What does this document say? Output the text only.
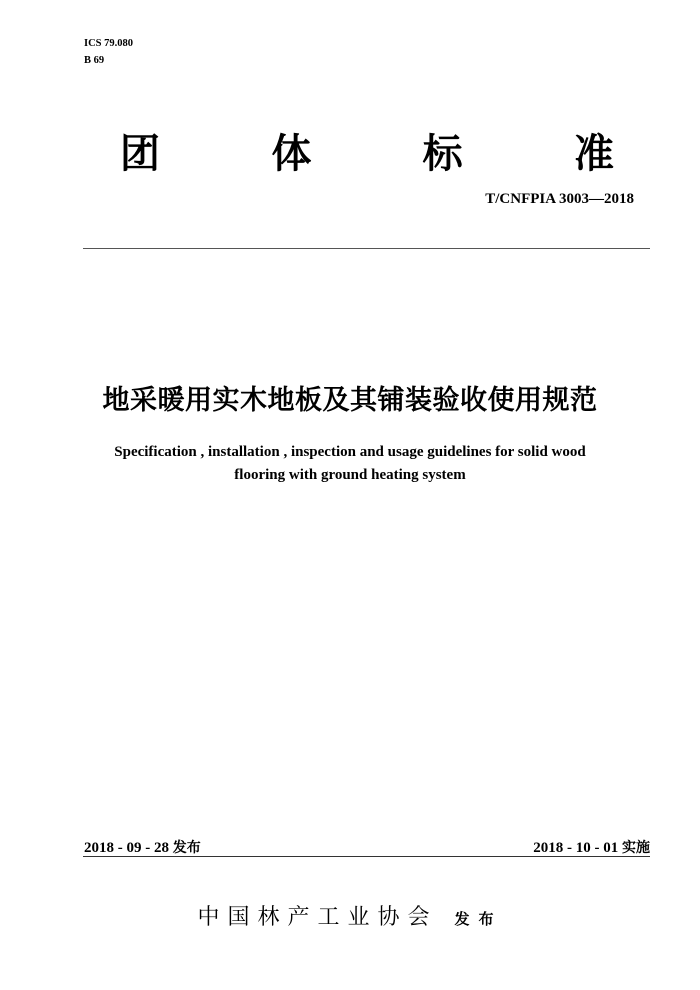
ICS 79.080
B 69
团	体	标	准
T/CNFPIA 3003—2018
地采暖用实木地板及其铺装验收使用规范
Specification , installation , inspection and usage guidelines for solid wood
flooring with ground heating system
2018 - 09 - 28 发布	2018 - 10 - 01 实施
中国林产工业协会 发布
